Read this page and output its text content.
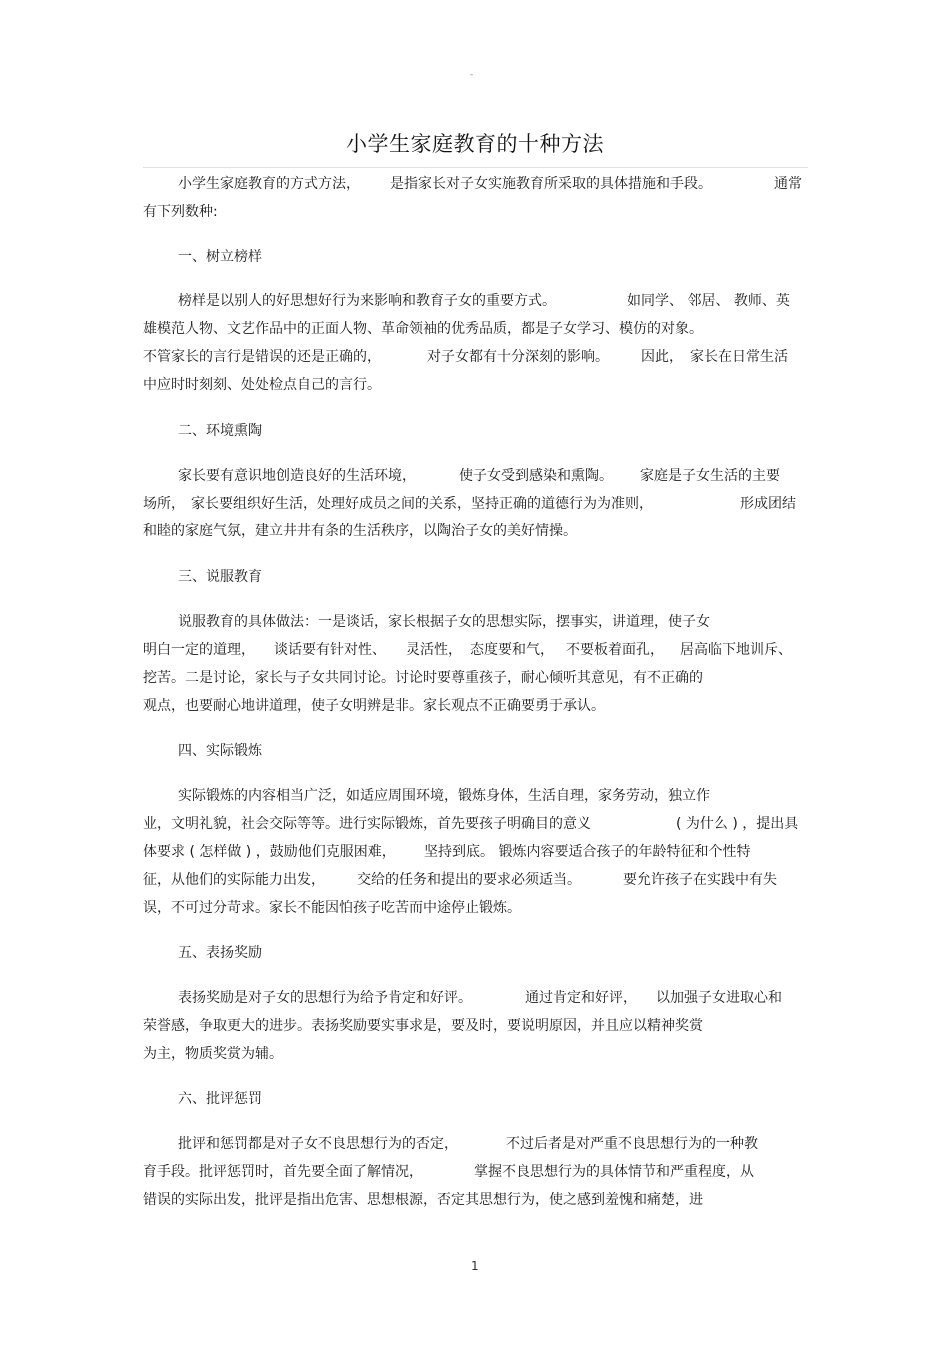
-
小学生家庭教育的十种方法
小学生家庭教育的方式方法， 是指家长对子女实施教育所采取的具体措施和手段。	通常
有下列数种:
一、树立榜样
榜样是以别人的好思想好行为来影响和教育子女的重要方式。	如同学、 邻居、 教师、英
雄模范人物、文艺作品中的正面人物、革命领袖的优秀品质，都是子女学习、模仿的对象。
不管家长的言行是错误的还是正确的，	对子女都有十分深刻的影响。 因此， 家长在日常生活
中应时时刻刻、处处检点自己的言行。
二、环境熏陶
家长要有意识地创造良好的生活环境，	使子女受到感染和熏陶。 家庭是子女生活的主要
场所， 家长要组织好生活，处理好成员之间的关系，坚持正确的道德行为为准则，	形成团结
和睦的家庭气氛，建立井井有条的生活秩序，以陶治子女的美好情操。
三、说服教育
说服教育的具体做法：一是谈话，家长根据子女的思想实际，摆事实，讲道理，使子女
明白一定的道理， 谈话要有针对性、 灵活性， 态度要和气， 不要板着面孔， 居高临下地训斥、
挖苦。二是讨论，家长与子女共同讨论。讨论时要尊重孩子，耐心倾听其意见，有不正确的
观点，也要耐心地讲道理，使子女明辨是非。家长观点不正确要勇于承认。
四、实际锻炼
实际锻炼的内容相当广泛，如适应周围环境，锻炼身体，生活自理，家务劳动，独立作
业，文明礼貌，社会交际等等。进行实际锻炼，首先要孩子明确目的意义	( 为什么 ) ，提出具
体要求 ( 怎样做 ) ，鼓励他们克服困难， 坚持到底。 锻炼内容要适合孩子的年龄特征和个性特
征，从他们的实际能力出发， 交给的任务和提出的要求必须适当。	要允许孩子在实践中有失
误，不可过分苛求。家长不能因怕孩子吃苦而中途停止锻炼。
五、表扬奖励
表扬奖励是对子女的思想行为给予肯定和好评。	通过肯定和好评， 以加强子女进取心和
荣誉感，争取更大的进步。表扬奖励要实事求是，要及时，要说明原因，并且应以精神奖赏
为主，物质奖赏为辅。
六、批评惩罚
批评和惩罚都是对子女不良思想行为的否定，	不过后者是对严重不良思想行为的一种教
育手段。批评惩罚时，首先要全面了解情况，	掌握不良思想行为的具体情节和严重程度，从
错误的实际出发，批评是指出危害、思想根源，否定其思想行为，使之感到羞愧和痛楚，进
1
